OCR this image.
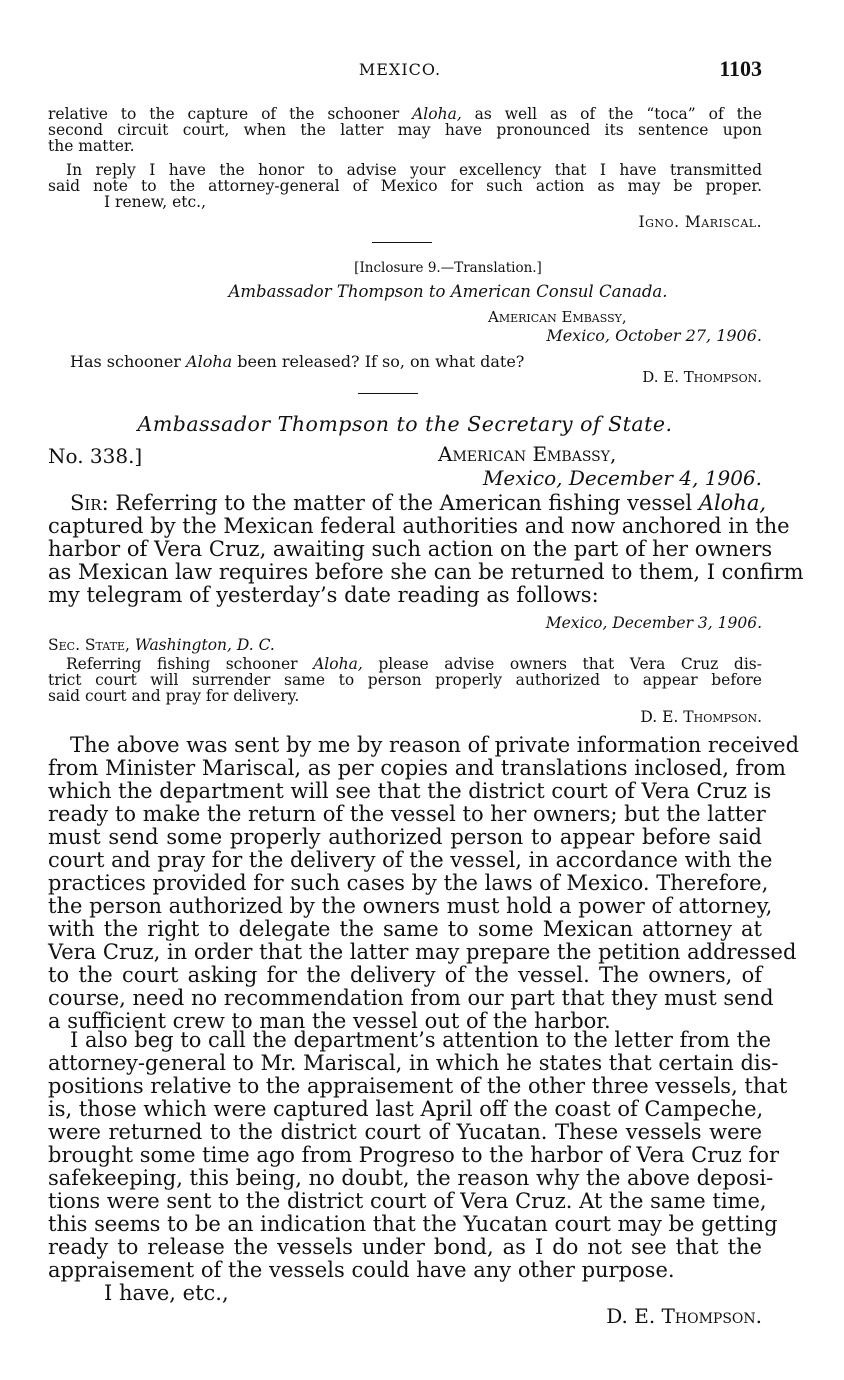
MEXICO.	1103
relative to the capture of the schooner Aloha, as well as of the “toca” of the
second circuit court, when the latter may have pronounced its sentence upon
the matter.
In reply I have the honor to advise your excellency that I have transmitted
said note to the attorney-general of Mexico for such action as may be proper.
I renew, etc.,
Igno. Mariscal.
[Inclosure 9.—Translation.]
Ambassador Thompson to American Consul Canada.
American Embassy,
Mexico, October 27, 1906.
Has schooner Aloha been released? If so, on what date?
D. E. Thompson.
Ambassador Thompson to the Secretary of State.
No. 338.]	American Embassy,
Mexico, December 4, 1906.
Sir: Referring to the matter of the American fishing vessel Aloha,
captured by the Mexican federal authorities and now anchored in the
harbor of Vera Cruz, awaiting such action on the part of her owners
as Mexican law requires before she can be returned to them, I confirm
my telegram of yesterday’s date reading as follows:
Mexico, December 3, 1906.
Sec. State, Washington, D. C.
Referring fishing schooner Aloha, please advise owners that Vera Cruz dis-
trict court will surrender same to person properly authorized to appear before
said court and pray for delivery.
D. E. Thompson.
The above was sent by me by reason of private information received
from Minister Mariscal, as per copies and translations inclosed, from
which the department will see that the district court of Vera Cruz is
ready to make the return of the vessel to her owners; but the latter
must send some properly authorized person to appear before said
court and pray for the delivery of the vessel, in accordance with the
practices provided for such cases by the laws of Mexico. Therefore,
the person authorized by the owners must hold a power of attorney,
with the right to delegate the same to some Mexican attorney at
Vera Cruz, in order that the latter may prepare the petition addressed
to the court asking for the delivery of the vessel. The owners, of
course, need no recommendation from our part that they must send
a sufficient crew to man the vessel out of the harbor.
I also beg to call the department’s attention to the letter from the
attorney-general to Mr. Mariscal, in which he states that certain dis-
positions relative to the appraisement of the other three vessels, that
is, those which were captured last April off the coast of Campeche,
were returned to the district court of Yucatan. These vessels were
brought some time ago from Progreso to the harbor of Vera Cruz for
safekeeping, this being, no doubt, the reason why the above deposi-
tions were sent to the district court of Vera Cruz. At the same time,
this seems to be an indication that the Yucatan court may be getting
ready to release the vessels under bond, as I do not see that the
appraisement of the vessels could have any other purpose.
I have, etc.,
D. E. Thompson.
